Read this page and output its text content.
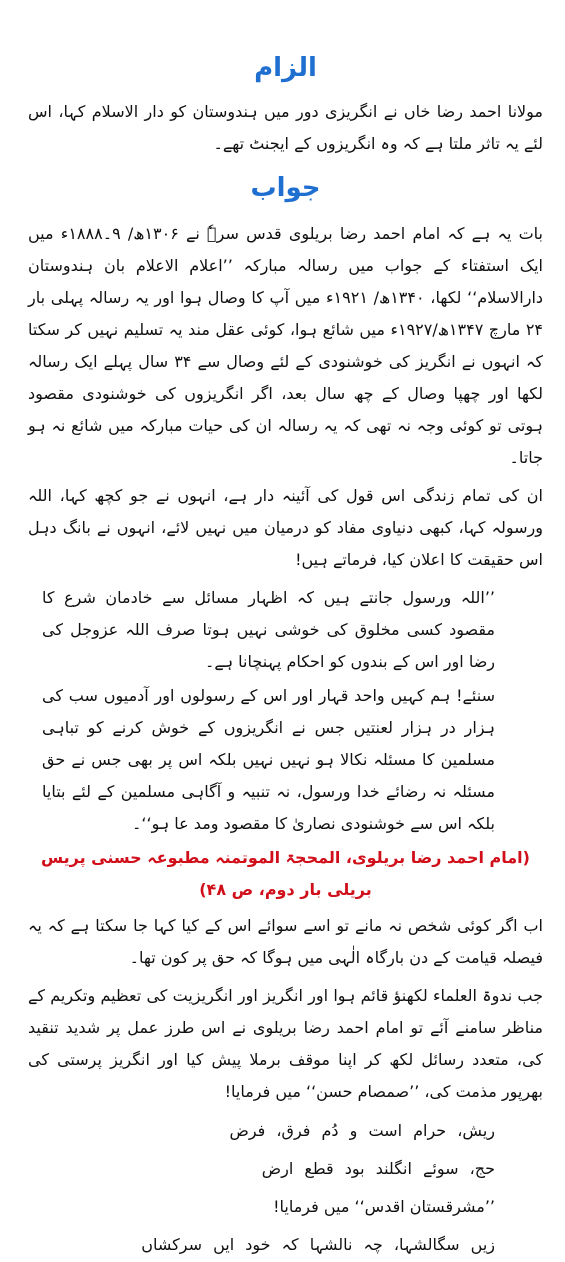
الزام

مولانا احمد رضا خاں نے انگریزی دور میں ہندوستان کو دار الاسلام کہا، اس لئے یہ تاثر ملتا ہے کہ وہ انگریزوں کے ایجنٹ تھے۔

جواب

بات یہ ہے کہ امام احمد رضا بریلوی قدس سرہٗ نے ۱۳۰۶ھ/ ۹۔۱۸۸۸ء میں ایک استفتاء کے جواب میں رسالہ مبارکہ ’’اعلام الاعلام بان ہندوستان دارالاسلام‘‘ لکھا، ۱۳۴۰ھ/ ۱۹۲۱ء میں آپ کا وصال ہوا اور یہ رسالہ پہلی بار ۲۴ مارچ ۱۳۴۷ھ/۱۹۲۷ء میں شائع ہوا، کوئی عقل مند یہ تسلیم نہیں کر سکتا کہ انہوں نے انگریز کی خوشنودی کے لئے وصال سے ۳۴ سال پہلے ایک رسالہ لکھا اور چھپا وصال کے چھ سال بعد، اگر انگریزوں کی خوشنودی مقصود ہوتی تو کوئی وجہ نہ تھی کہ یہ رسالہ ان کی حیات مبارکہ میں شائع نہ ہو جاتا۔

ان کی تمام زندگی اس قول کی آئینہ دار ہے، انہوں نے جو کچھ کہا، اللہ ورسولہ کہا، کبھی دنیاوی مفاد کو درمیان میں نہیں لائے، انہوں نے بانگ دہل اس حقیقت کا اعلان کیا، فرماتے ہیں!

’’اللہ ورسول جانتے ہیں کہ اظہار مسائل سے خادمان شرع کا مقصود کسی مخلوق کی خوشی نہیں ہوتا صرف اللہ عزوجل کی رضا اور اس کے بندوں کو احکام پہنچانا ہے۔

سنئے! ہم کہیں واحد قہار اور اس کے رسولوں اور آدمیوں سب کی ہزار در ہزار لعنتیں جس نے انگریزوں کے خوش کرنے کو تباہی مسلمین کا مسئلہ نکالا ہو نہیں نہیں بلکہ اس پر بھی جس نے حق مسئلہ نہ رضائے خدا ورسول، نہ تنبیہ و آگاہی مسلمین کے لئے بتایا بلکہ اس سے خوشنودی نصاریٰ کا مقصود ومد عا ہو‘‘۔

(امام احمد رضا بریلوی، المحجۃ الموتمنہ مطبوعہ حسنی پریس بریلی بار دوم، ص ۴۸)

اب اگر کوئی شخص نہ مانے تو اسے سوائے اس کے کیا کہا جا سکتا ہے کہ یہ فیصلہ قیامت کے دن بارگاہ الٰہی میں ہوگا کہ حق پر کون تھا۔

جب ندوۃ العلماء لکھنؤ قائم ہوا اور انگریز اور انگریزیت کی تعظیم وتکریم کے مناظر سامنے آئے تو امام احمد رضا بریلوی نے اس طرز عمل پر شدید تنقید کی، متعدد رسائل لکھ کر اپنا موقف برملا پیش کیا اور انگریز پرستی کی بھرپور مذمت کی، ’’صمصام حسن‘‘ میں فرمایا!

ریش، حرام است و دُم فرق، فرض

حج، سوئے انگلند بود قطع ارض

’’مشرقستان اقدس‘‘ میں فرمایا!

زیں سگالشہا، چہ نالشہا کہ خود ایں سرکشاں
